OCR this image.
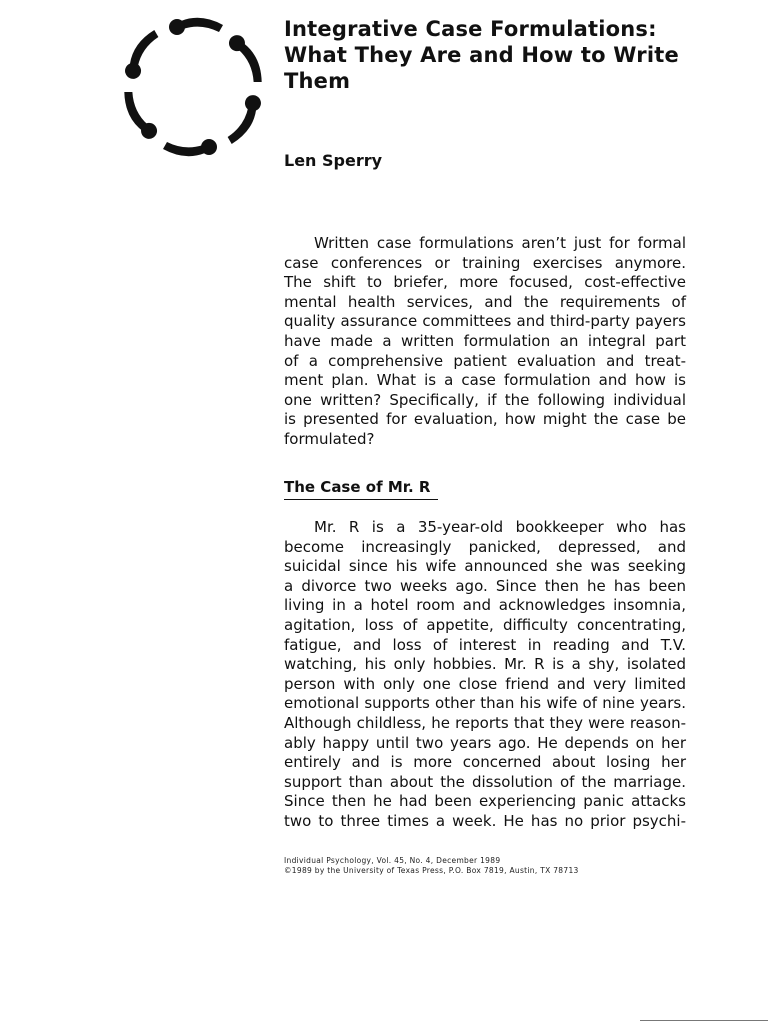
Integrative Case Formulations:
What They Are and How to Write
Them

Len Sperry

Written case formulations aren’t just for formal
case conferences or training exercises anymore.
The shift to briefer, more focused, cost-effective
mental health services, and the requirements of
quality assurance committees and third-party payers
have made a written formulation an integral part
of a comprehensive patient evaluation and treat-
ment plan. What is a case formulation and how is
one written? Specifically, if the following individual
is presented for evaluation, how might the case be
formulated?

The Case of Mr. R

Mr. R is a 35-year-old bookkeeper who has
become increasingly panicked, depressed, and
suicidal since his wife announced she was seeking
a divorce two weeks ago. Since then he has been
living in a hotel room and acknowledges insomnia,
agitation, loss of appetite, difficulty concentrating,
fatigue, and loss of interest in reading and T.V.
watching, his only hobbies. Mr. R is a shy, isolated
person with only one close friend and very limited
emotional supports other than his wife of nine years.
Although childless, he reports that they were reason-
ably happy until two years ago. He depends on her
entirely and is more concerned about losing her
support than about the dissolution of the marriage.
Since then he had been experiencing panic attacks
two to three times a week. He has no prior psychi-

Individual Psychology, Vol. 45, No. 4, December 1989
©1989 by the University of Texas Press, P.O. Box 7819, Austin, TX 78713
